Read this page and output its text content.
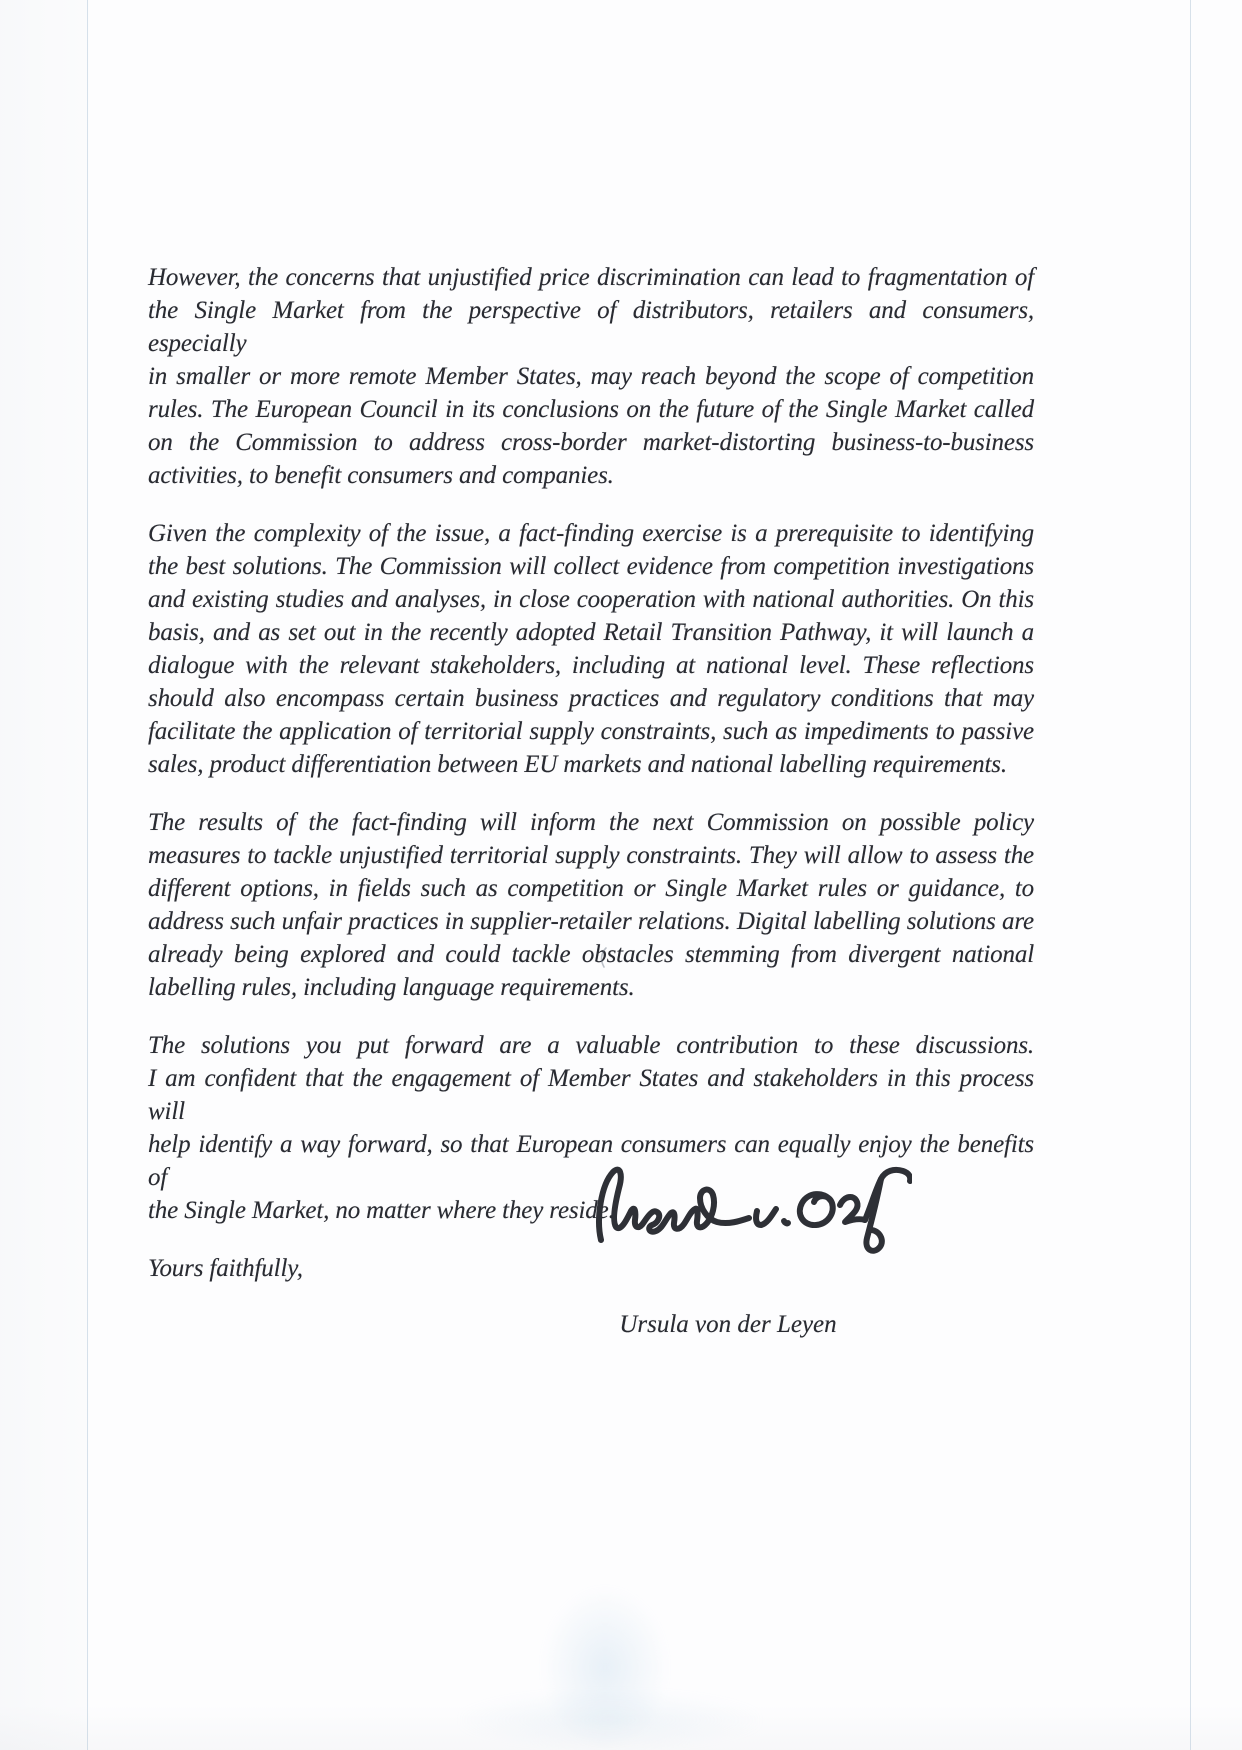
However, the concerns that unjustified price discrimination can lead to fragmentation of
the Single Market from the perspective of distributors, retailers and consumers, especially
in smaller or more remote Member States, may reach beyond the scope of competition
rules. The European Council in its conclusions on the future of the Single Market called
on the Commission to address cross-border market-distorting business-to-business
activities, to benefit consumers and companies.

Given the complexity of the issue, a fact-finding exercise is a prerequisite to identifying
the best solutions. The Commission will collect evidence from competition investigations
and existing studies and analyses, in close cooperation with national authorities. On this
basis, and as set out in the recently adopted Retail Transition Pathway, it will launch a
dialogue with the relevant stakeholders, including at national level. These reflections
should also encompass certain business practices and regulatory conditions that may
facilitate the application of territorial supply constraints, such as impediments to passive
sales, product differentiation between EU markets and national labelling requirements.

The results of the fact-finding will inform the next Commission on possible policy
measures to tackle unjustified territorial supply constraints. They will allow to assess the
different options, in fields such as competition or Single Market rules or guidance, to
address such unfair practices in supplier-retailer relations. Digital labelling solutions are
already being explored and could tackle obstacles stemming from divergent national
labelling rules, including language requirements.

The solutions you put forward are a valuable contribution to these discussions.
I am confident that the engagement of Member States and stakeholders in this process will
help identify a way forward, so that European consumers can equally enjoy the benefits of
the Single Market, no matter where they reside.

Yours faithfully,

Ursula von der Leyen
